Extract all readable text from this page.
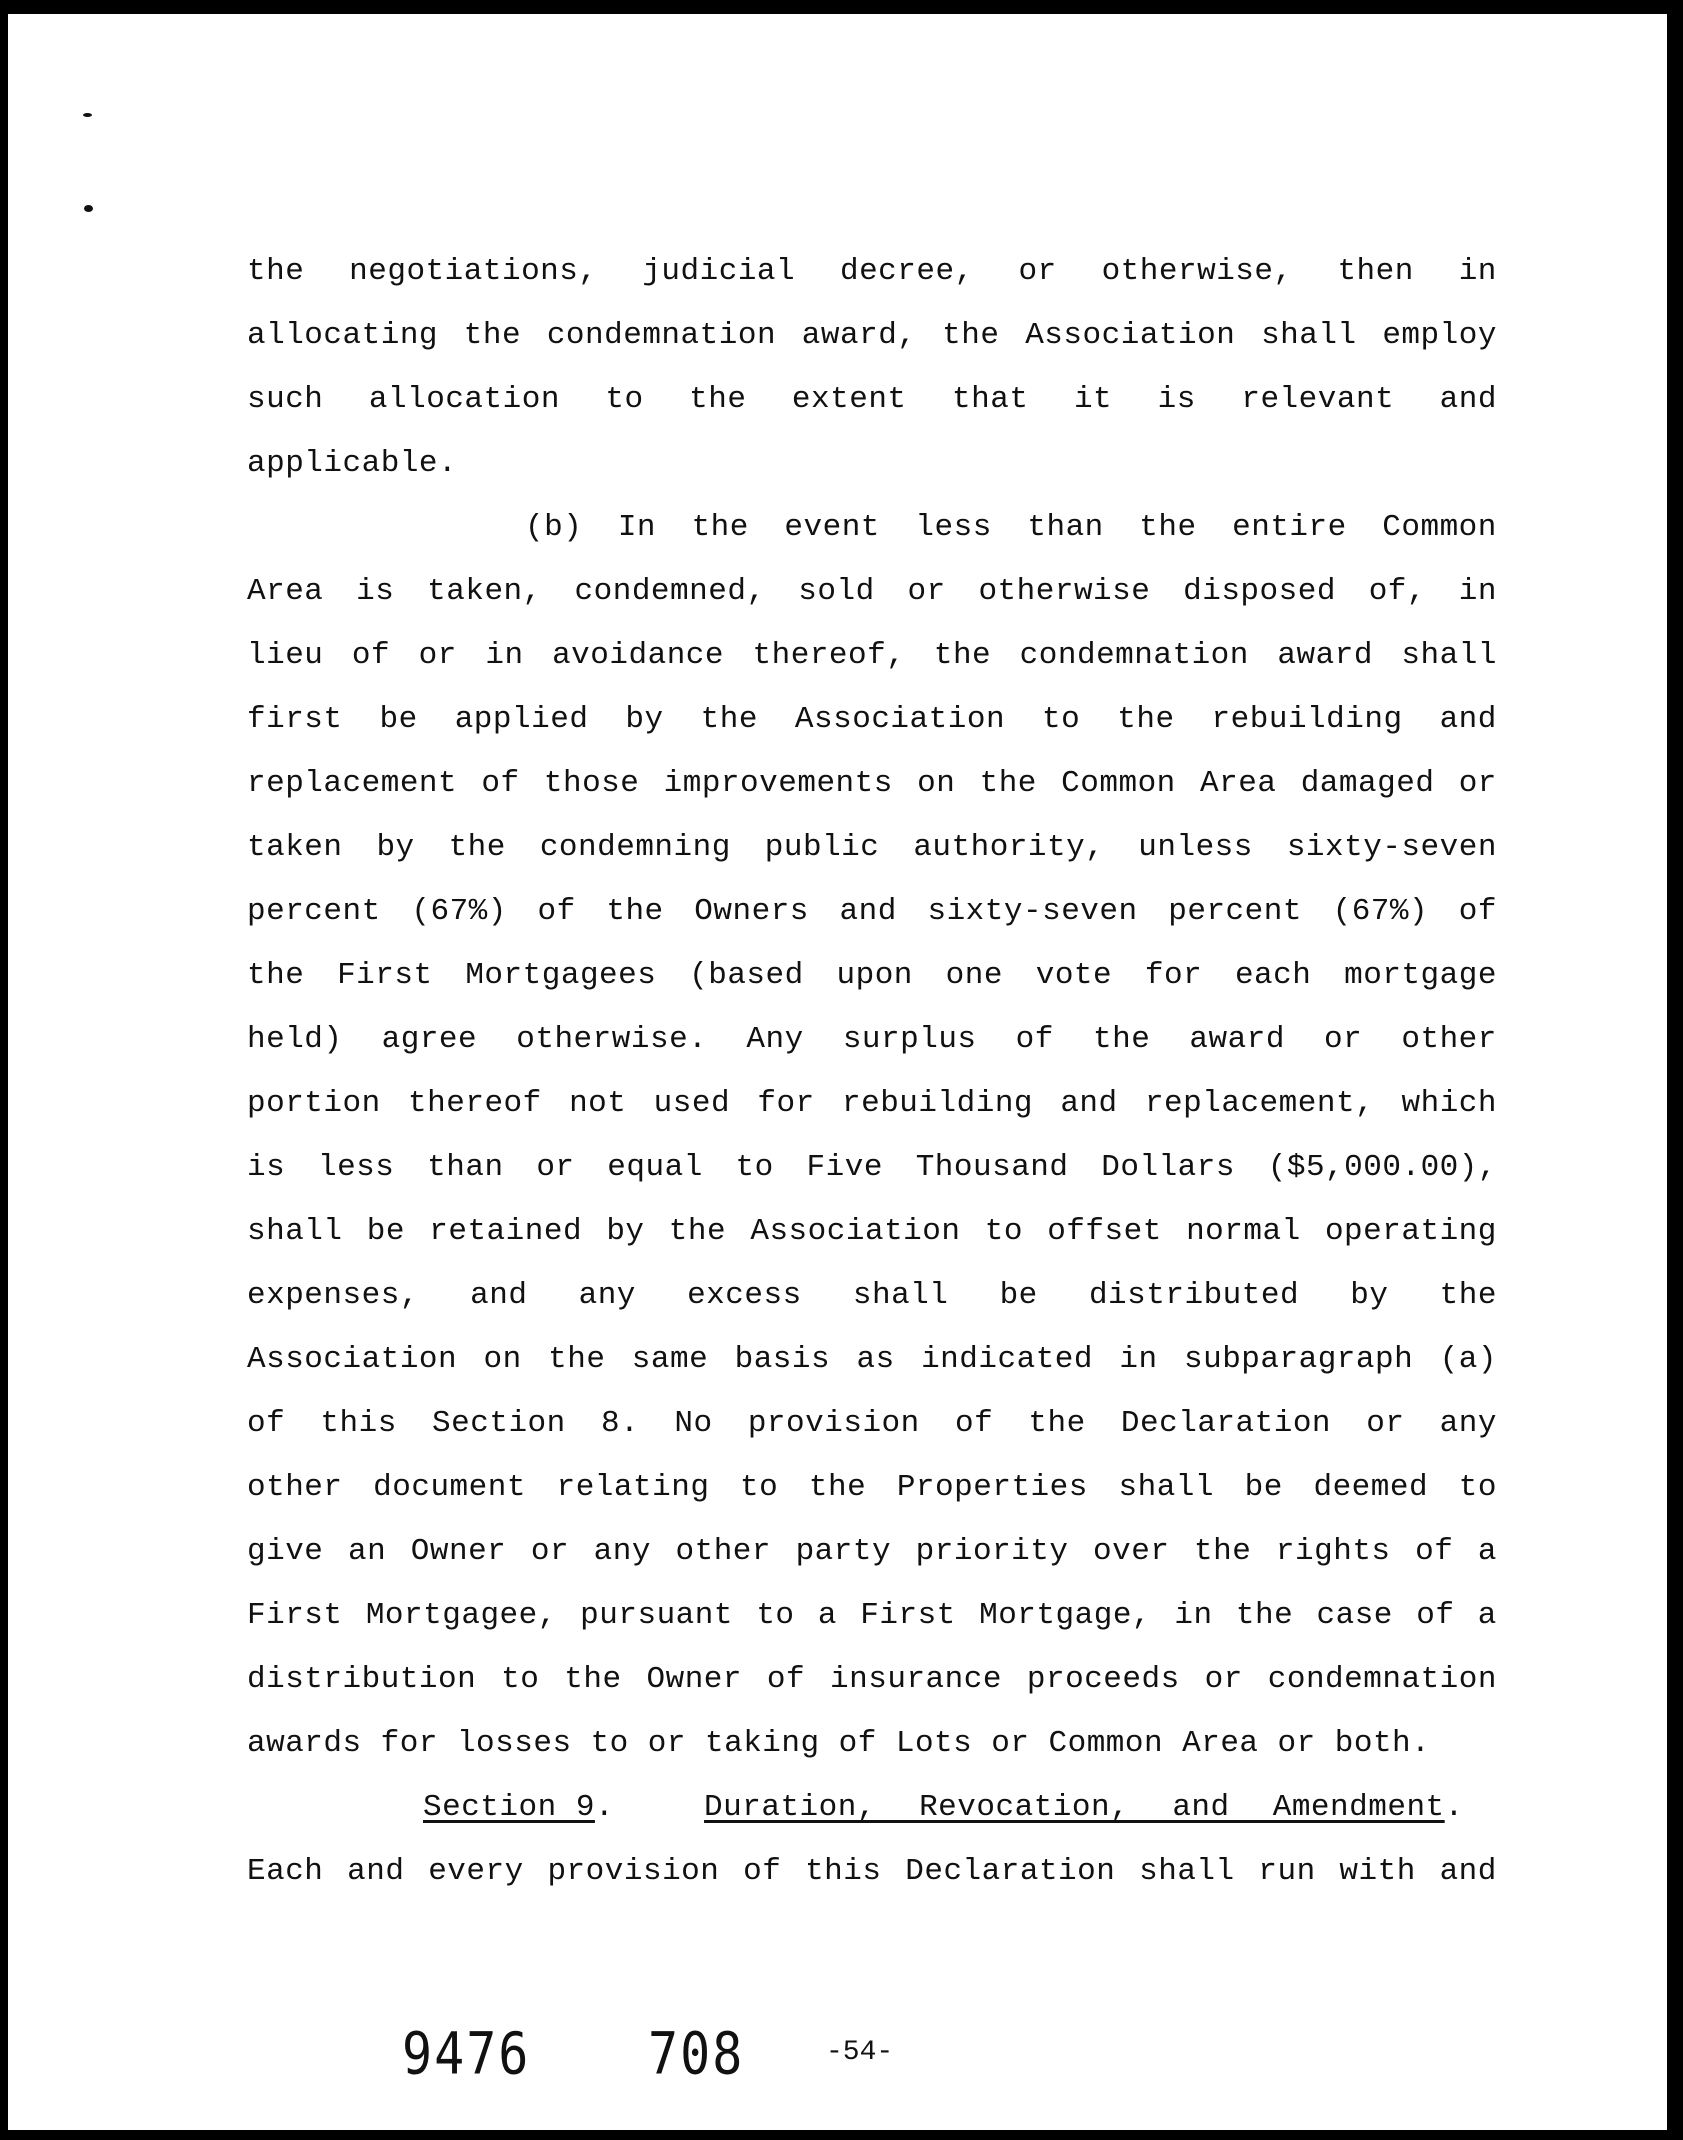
the negotiations, judicial decree, or otherwise, then in
allocating the condemnation award, the Association shall employ
such allocation to the extent that it is relevant and
applicable.
(b) In the event less than the entire Common
Area is taken, condemned, sold or otherwise disposed of, in
lieu of or in avoidance thereof, the condemnation award shall
first be applied by the Association to the rebuilding and
replacement of those improvements on the Common Area damaged or
taken by the condemning public authority, unless sixty-seven
percent (67%) of the Owners and sixty-seven percent (67%) of
the First Mortgagees (based upon one vote for each mortgage
held) agree otherwise. Any surplus of the award or other
portion thereof not used for rebuilding and replacement, which
is less than or equal to Five Thousand Dollars ($5,000.00),
shall be retained by the Association to offset normal operating
expenses, and any excess shall be distributed by the
Association on the same basis as indicated in subparagraph (a)
of this Section 8. No provision of the Declaration or any
other document relating to the Properties shall be deemed to
give an Owner or any other party priority over the rights of a
First Mortgagee, pursuant to a First Mortgage, in the case of a
distribution to the Owner of insurance proceeds or condemnation
awards for losses to or taking of Lots or Common Area or both.
Section 9 .	Duration, Revocation, and Amendment .
Each and every provision of this Declaration shall run with and
9476 708	-54-
